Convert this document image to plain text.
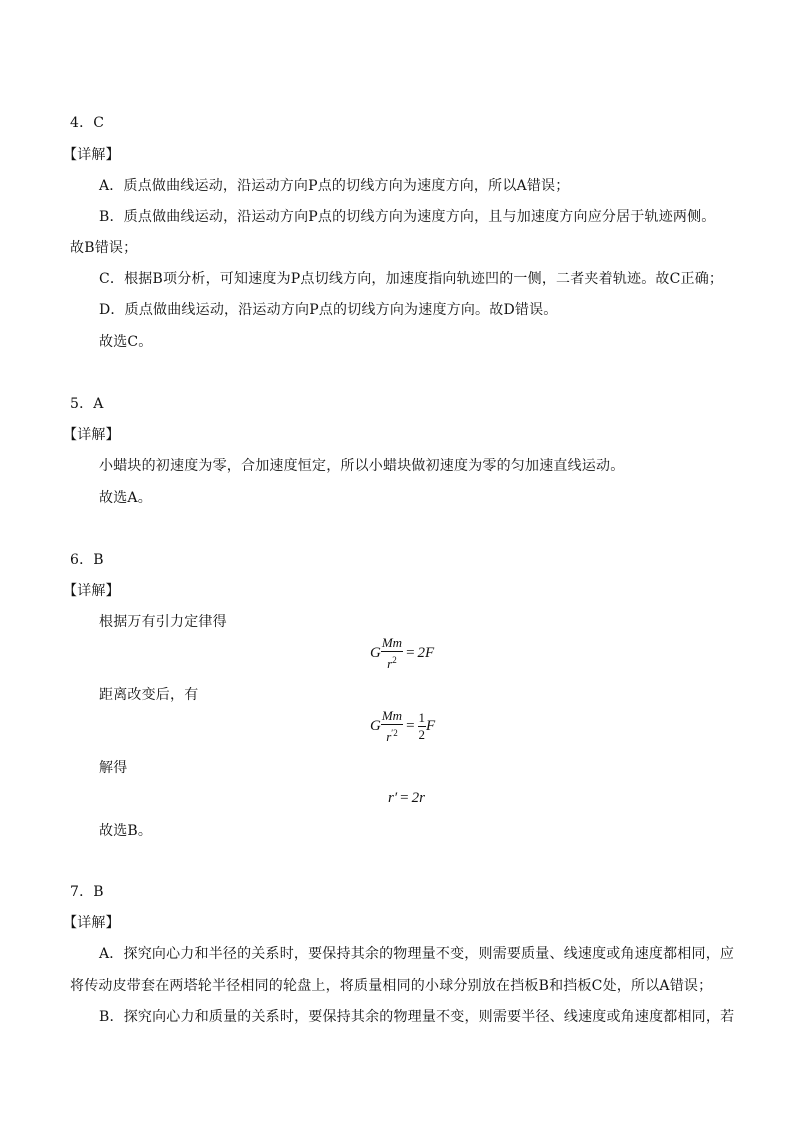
4．C
【详解】
A．质点做曲线运动，沿运动方向P点的切线方向为速度方向，所以A错误；
B．质点做曲线运动，沿运动方向P点的切线方向为速度方向，且与加速度方向应分居于轨迹两侧。
故B错误；
C．根据B项分析，可知速度为P点切线方向，加速度指向轨迹凹的一侧，二者夹着轨迹。故C正确；
D．质点做曲线运动，沿运动方向P点的切线方向为速度方向。故D错误。
故选C。
5．A
【详解】
小蜡块的初速度为零，合加速度恒定，所以小蜡块做初速度为零的匀加速直线运动。
故选A。
6．B
【详解】
根据万有引力定律得
G $\frac{Mm}{r^2} = 2F$
距离改变后，有
G $\frac{Mm}{r^{'2}} = \frac{1}{2}$ F
解得
r′ = 2r
故选B。
7．B
【详解】
A．探究向心力和半径的关系时，要保持其余的物理量不变，则需要质量、线速度或角速度都相同，应
将传动皮带套在两塔轮半径相同的轮盘上，将质量相同的小球分别放在挡板B和挡板C处，所以A错误；
B．探究向心力和质量的关系时，要保持其余的物理量不变，则需要半径、线速度或角速度都相同，若
